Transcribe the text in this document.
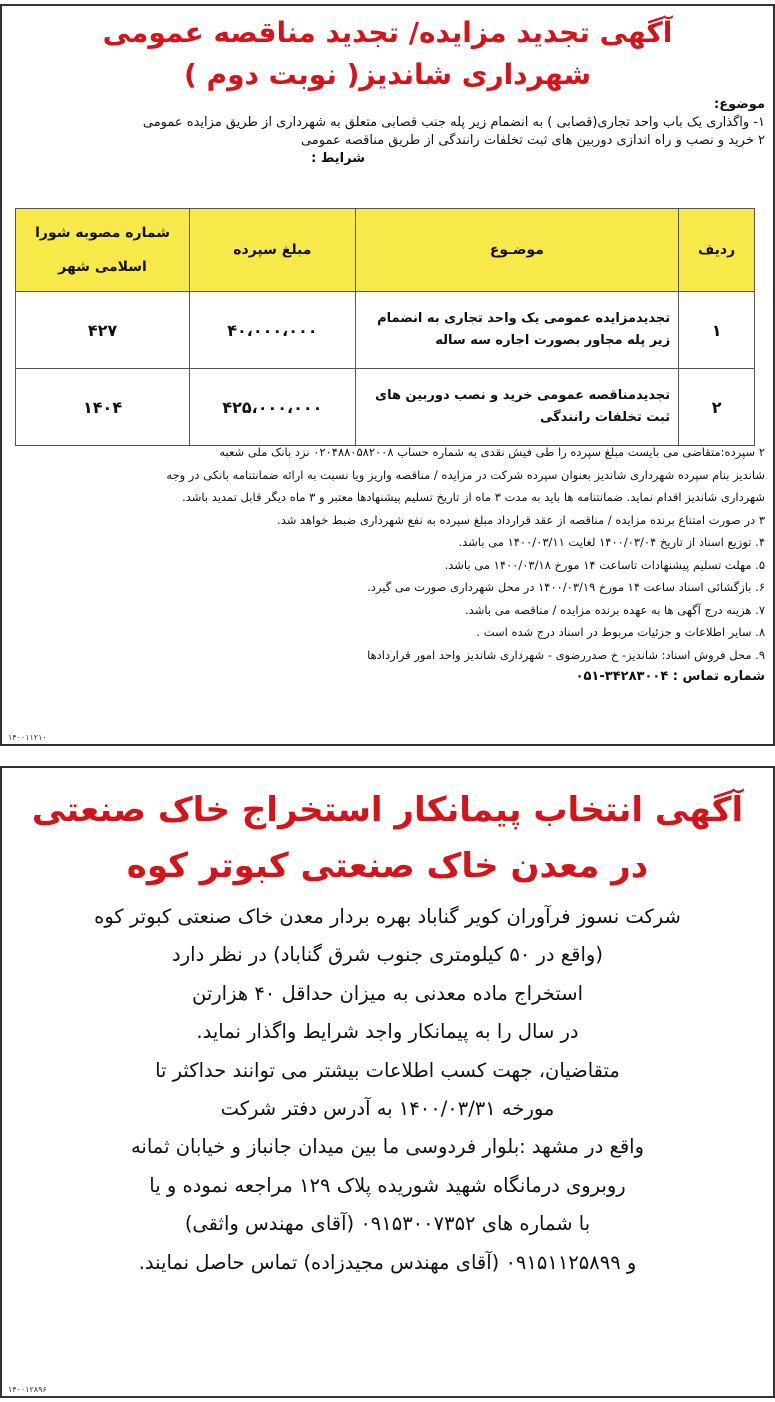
آگهی تجدید مزایده/ تجدید مناقصه عمومی

شهرداری شاندیز( نوبت دوم )

موضوع:
۱- واگذاری یک باب واحد تجاری(قصابی ) به انضمام زیر پله جنب قصابی متعلق به شهرداری از طریق مزایده عمومی
۲ خرید و نصب و راه اندازی دوربین های ثبت تخلفات رانندگی از طریق مناقصه عمومی
شرایط :
ردیف	موضـوع	مبلغ سپرده	شماره مصوبه شورا اسلامی شهر
۱	تجدیدمزایده عمومی یک واحد تجاری به انضمام زیر پله مجاور بصورت اجاره سه ساله	۴۰،۰۰۰،۰۰۰	۴۲۷
۲	تجدیدمناقصه عمومی خرید و نصب دوربین های ثبت تخلفات رانندگی	۴۲۵،۰۰۰،۰۰۰	۱۴۰۴

۲ سپرده:متقاضی می بایست مبلغ سپرده را طی فیش نقدی به شماره حساب ۰۲۰۴۸۸۰۵۸۲۰۰۸ نزد بانک ملی شعبه

شاندیز بنام سپرده شهرداری شاندیز بعنوان سپرده شرکت در مزایده / مناقصه واریز ویا نسبت به ارائه ضمانتنامه بانکی در وجه

شهرداری شاندیز اقدام نماید. ضمانتنامه ها باید به مدت ۳ ماه از تاریخ تسلیم پیشنهادها معتبر و ۳ ماه دیگر قابل تمدید باشد.

۳ در صورت امتناع برنده مزایده / مناقصه از عقد قرارداد مبلغ سپرده به نفع شهرداری ضبط خواهد شد.

۴. توزیع اسناد از تاریخ ۱۴۰۰/۰۳/۰۴ لغایت ۱۴۰۰/۰۳/۱۱ می باشد.

۵. مهلت تسلیم پیشنهادات تاساعت ۱۴ مورخ ۱۴۰۰/۰۳/۱۸ می باشد.

۶. بازگشائی اسناد ساعت ۱۴ مورخ ۱۴۰۰/۰۳/۱۹ در محل شهرداری صورت می گیرد.

۷. هزینه درج آگهی ها به عهده برنده مزایده / مناقصه می باشد.

۸. سایر اطلاعات و جزئیات مربوط در اسناد درج شده است .

۹. محل فروش اسناد: شاندیز- خ صدررضوی - شهرداری شاندیز واحد امور قراردادها

شماره تماس : ۳۴۲۸۳۰۰۴-۰۵۱

۱۴۰۰۱۱۲۱۰
آگهی انتخاب پیمانکار استخراج خاک صنعتی
در معدن خاک صنعتی کبوتر کوه

شرکت نسوز فرآوران کویر گناباد بهره بردار معدن خاک صنعتی کبوتر کوه

(واقع در ۵۰ کیلومتری جنوب شرق گناباد) در نظر دارد

استخراج ماده معدنی به میزان حداقل ۴۰ هزارتن

در سال را به پیمانکار واجد شرایط واگذار نماید.

متقاضیان، جهت کسب اطلاعات بیشتر می توانند حداکثر تا

مورخه ۱۴۰۰/۰۳/۳۱ به آدرس دفتر شرکت

واقع در مشهد :بلوار فردوسی ما بین میدان جانباز و خیابان ثمانه

روبروی درمانگاه شهید شوریده پلاک ۱۲۹ مراجعه نموده و یا

با شماره های ۰۹۱۵۳۰۰۷۳۵۲ (آقای مهندس واثقی)

و ۰۹۱۵۱۱۲۵۸۹۹ (آقای مهندس مجیدزاده) تماس حاصل نمایند.

۱۴۰۰۱۲۸۹۶
